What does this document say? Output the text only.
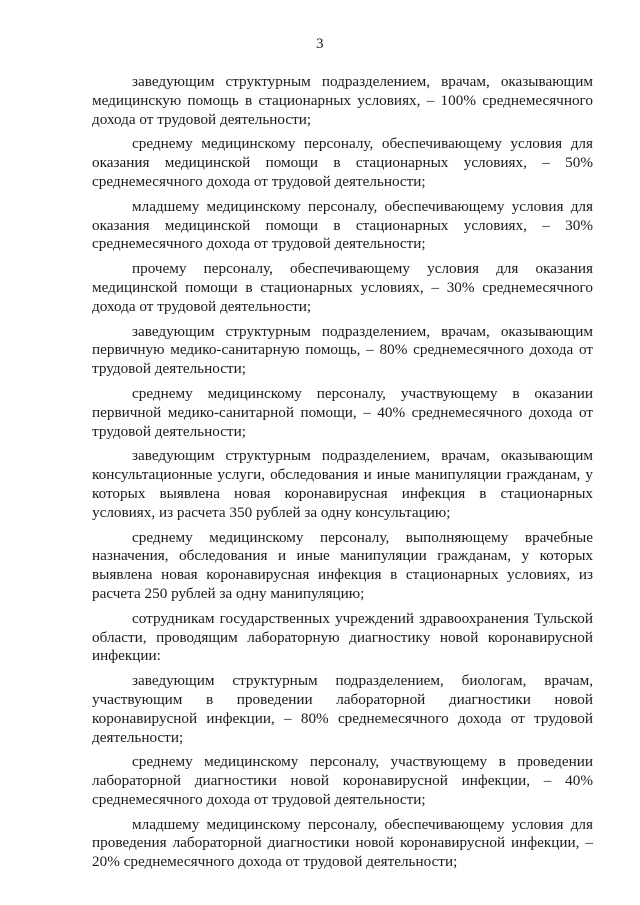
3

заведующим структурным подразделением, врачам, оказывающим медицинскую помощь в стационарных условиях, – 100% среднемесячного дохода от трудовой деятельности;

среднему медицинскому персоналу, обеспечивающему условия для оказания медицинской помощи в стационарных условиях, – 50% среднемесячного дохода от трудовой деятельности;

младшему медицинскому персоналу, обеспечивающему условия для оказания медицинской помощи в стационарных условиях, – 30% среднемесячного дохода от трудовой деятельности;

прочему персоналу, обеспечивающему условия для оказания медицинской помощи в стационарных условиях, – 30% среднемесячного дохода от трудовой деятельности;

заведующим структурным подразделением, врачам, оказывающим первичную медико-санитарную помощь, – 80% среднемесячного дохода от трудовой деятельности;

среднему медицинскому персоналу, участвующему в оказании первичной медико-санитарной помощи, – 40% среднемесячного дохода от трудовой деятельности;

заведующим структурным подразделением, врачам, оказывающим консультационные услуги, обследования и иные манипуляции гражданам, у которых выявлена новая коронавирусная инфекция в стационарных условиях, из расчета 350 рублей за одну консультацию;

среднему медицинскому персоналу, выполняющему врачебные назначения, обследования и иные манипуляции гражданам, у которых выявлена новая коронавирусная инфекция в стационарных условиях, из расчета 250 рублей за одну манипуляцию;

сотрудникам государственных учреждений здравоохранения Тульской области, проводящим лабораторную диагностику новой коронавирусной инфекции:

заведующим структурным подразделением, биологам, врачам, участвующим в проведении лабораторной диагностики новой коронавирусной инфекции, – 80% среднемесячного дохода от трудовой деятельности;

среднему медицинскому персоналу, участвующему в проведении лабораторной диагностики новой коронавирусной инфекции, – 40% среднемесячного дохода от трудовой деятельности;

младшему медицинскому персоналу, обеспечивающему условия для проведения лабораторной диагностики новой коронавирусной инфекции, – 20% среднемесячного дохода от трудовой деятельности;
